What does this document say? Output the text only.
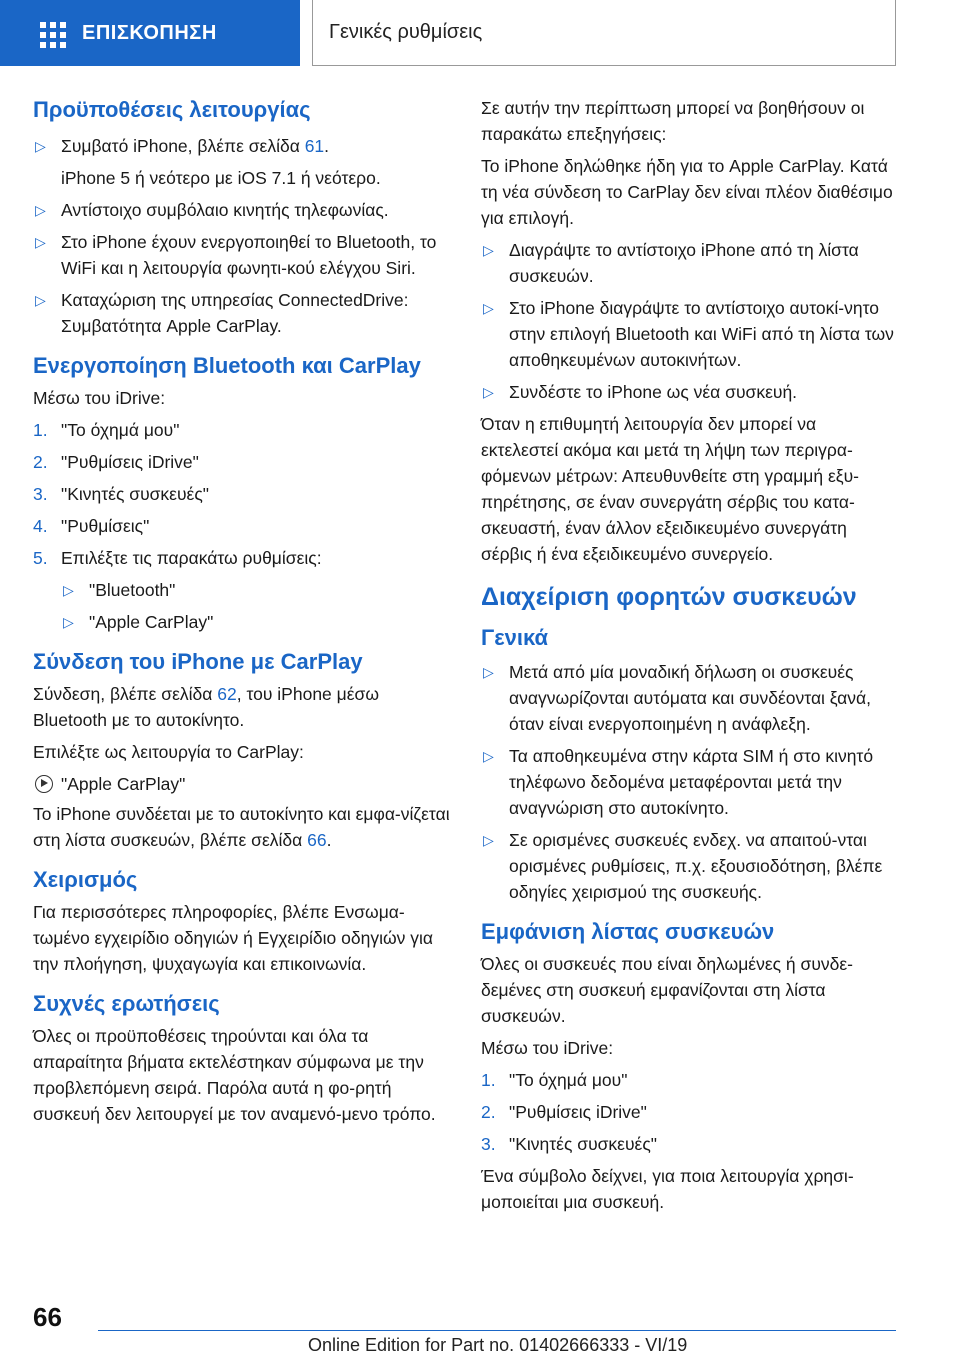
ΕΠΙΣΚΟΠΗΣΗ	Γενικές ρυθμίσεις
Προϋποθέσεις λειτουργίας
▷ Συμβατό iPhone, βλέπε σελίδα 61.
iPhone 5 ή νεότερο με iOS 7.1 ή νεότερο.
▷ Αντίστοιχο συμβόλαιο κινητής τηλεφωνίας.
▷ Στο iPhone έχουν ενεργοποιηθεί το Bluetooth, το WiFi και η λειτουργία φωνητι-κού ελέγχου Siri.
▷ Καταχώριση της υπηρεσίας ConnectedDrive: Συμβατότητα Apple CarPlay.
Ενεργοποίηση Bluetooth και CarPlay

Μέσω του iDrive:

1. "Το όχημά μου"
2. "Ρυθμίσεις iDrive"
3. "Κινητές συσκευές"
4. "Ρυθμίσεις"
5. Επιλέξτε τις παρακάτω ρυθμίσεις:
▷ "Bluetooth"
▷ "Apple CarPlay"
Σύνδεση του iPhone με CarPlay

Σύνδεση, βλέπε σελίδα 62, του iPhone μέσω Bluetooth με το αυτοκίνητο.

Επιλέξτε ως λειτουργία το CarPlay:

"Apple CarPlay"

Το iPhone συνδέεται με το αυτοκίνητο και εμφα-νίζεται στη λίστα συσκευών, βλέπε σελίδα 66.

Χειρισμός

Για περισσότερες πληροφορίες, βλέπε Ενσωμα-τωμένο εγχειρίδιο οδηγιών ή Εγχειρίδιο οδηγιών για την πλοήγηση, ψυχαγωγία και επικοινωνία.

Συχνές ερωτήσεις

Όλες οι προϋποθέσεις τηρούνται και όλα τα απαραίτητα βήματα εκτελέστηκαν σύμφωνα με την προβλεπόμενη σειρά. Παρόλα αυτά η φο-ρητή συσκευή δεν λειτουργεί με τον αναμενό-μενο τρόπο.

Σε αυτήν την περίπτωση μπορεί να βοηθήσουν οι παρακάτω επεξηγήσεις:

Το iPhone δηλώθηκε ήδη για το Apple CarPlay. Κατά τη νέα σύνδεση το CarPlay δεν είναι πλέον διαθέσιμο για επιλογή.

▷ Διαγράψτε το αντίστοιχο iPhone από τη λίστα συσκευών.
▷ Στο iPhone διαγράψτε το αντίστοιχο αυτοκί-νητο στην επιλογή Bluetooth και WiFi από τη λίστα των αποθηκευμένων αυτοκινήτων.
▷ Συνδέστε το iPhone ως νέα συσκευή.

Όταν η επιθυμητή λειτουργία δεν μπορεί να εκτελεστεί ακόμα και μετά τη λήψη των περιγρα-φόμενων μέτρων: Απευθυνθείτε στη γραμμή εξυ-πηρέτησης, σε έναν συνεργάτη σέρβις του κατα-σκευαστή, έναν άλλον εξειδικευμένο συνεργάτη σέρβις ή ένα εξειδικευμένο συνεργείο.

Διαχείριση φορητών συσκευών
Γενικά
▷ Μετά από μία μοναδική δήλωση οι συσκευές αναγνωρίζονται αυτόματα και συνδέονται ξανά, όταν είναι ενεργοποιημένη η ανάφλεξη.
▷ Τα αποθηκευμένα στην κάρτα SIM ή στο κινητό τηλέφωνο δεδομένα μεταφέρονται μετά την αναγνώριση στο αυτοκίνητο.
▷ Σε ορισμένες συσκευές ενδεχ. να απαιτού-νται ορισμένες ρυθμίσεις, π.χ. εξουσιοδότηση, βλέπε οδηγίες χειρισμού της συσκευής.
Εμφάνιση λίστας συσκευών

Όλες οι συσκευές που είναι δηλωμένες ή συνδε-δεμένες στη συσκευή εμφανίζονται στη λίστα συσκευών.

Μέσω του iDrive:

1. "Το όχημά μου"
2. "Ρυθμίσεις iDrive"
3. "Κινητές συσκευές"

Ένα σύμβολο δείχνει, για ποια λειτουργία χρησι-μοποιείται μια συσκευή.

66
Online Edition for Part no. 01402666333 - VI/19
